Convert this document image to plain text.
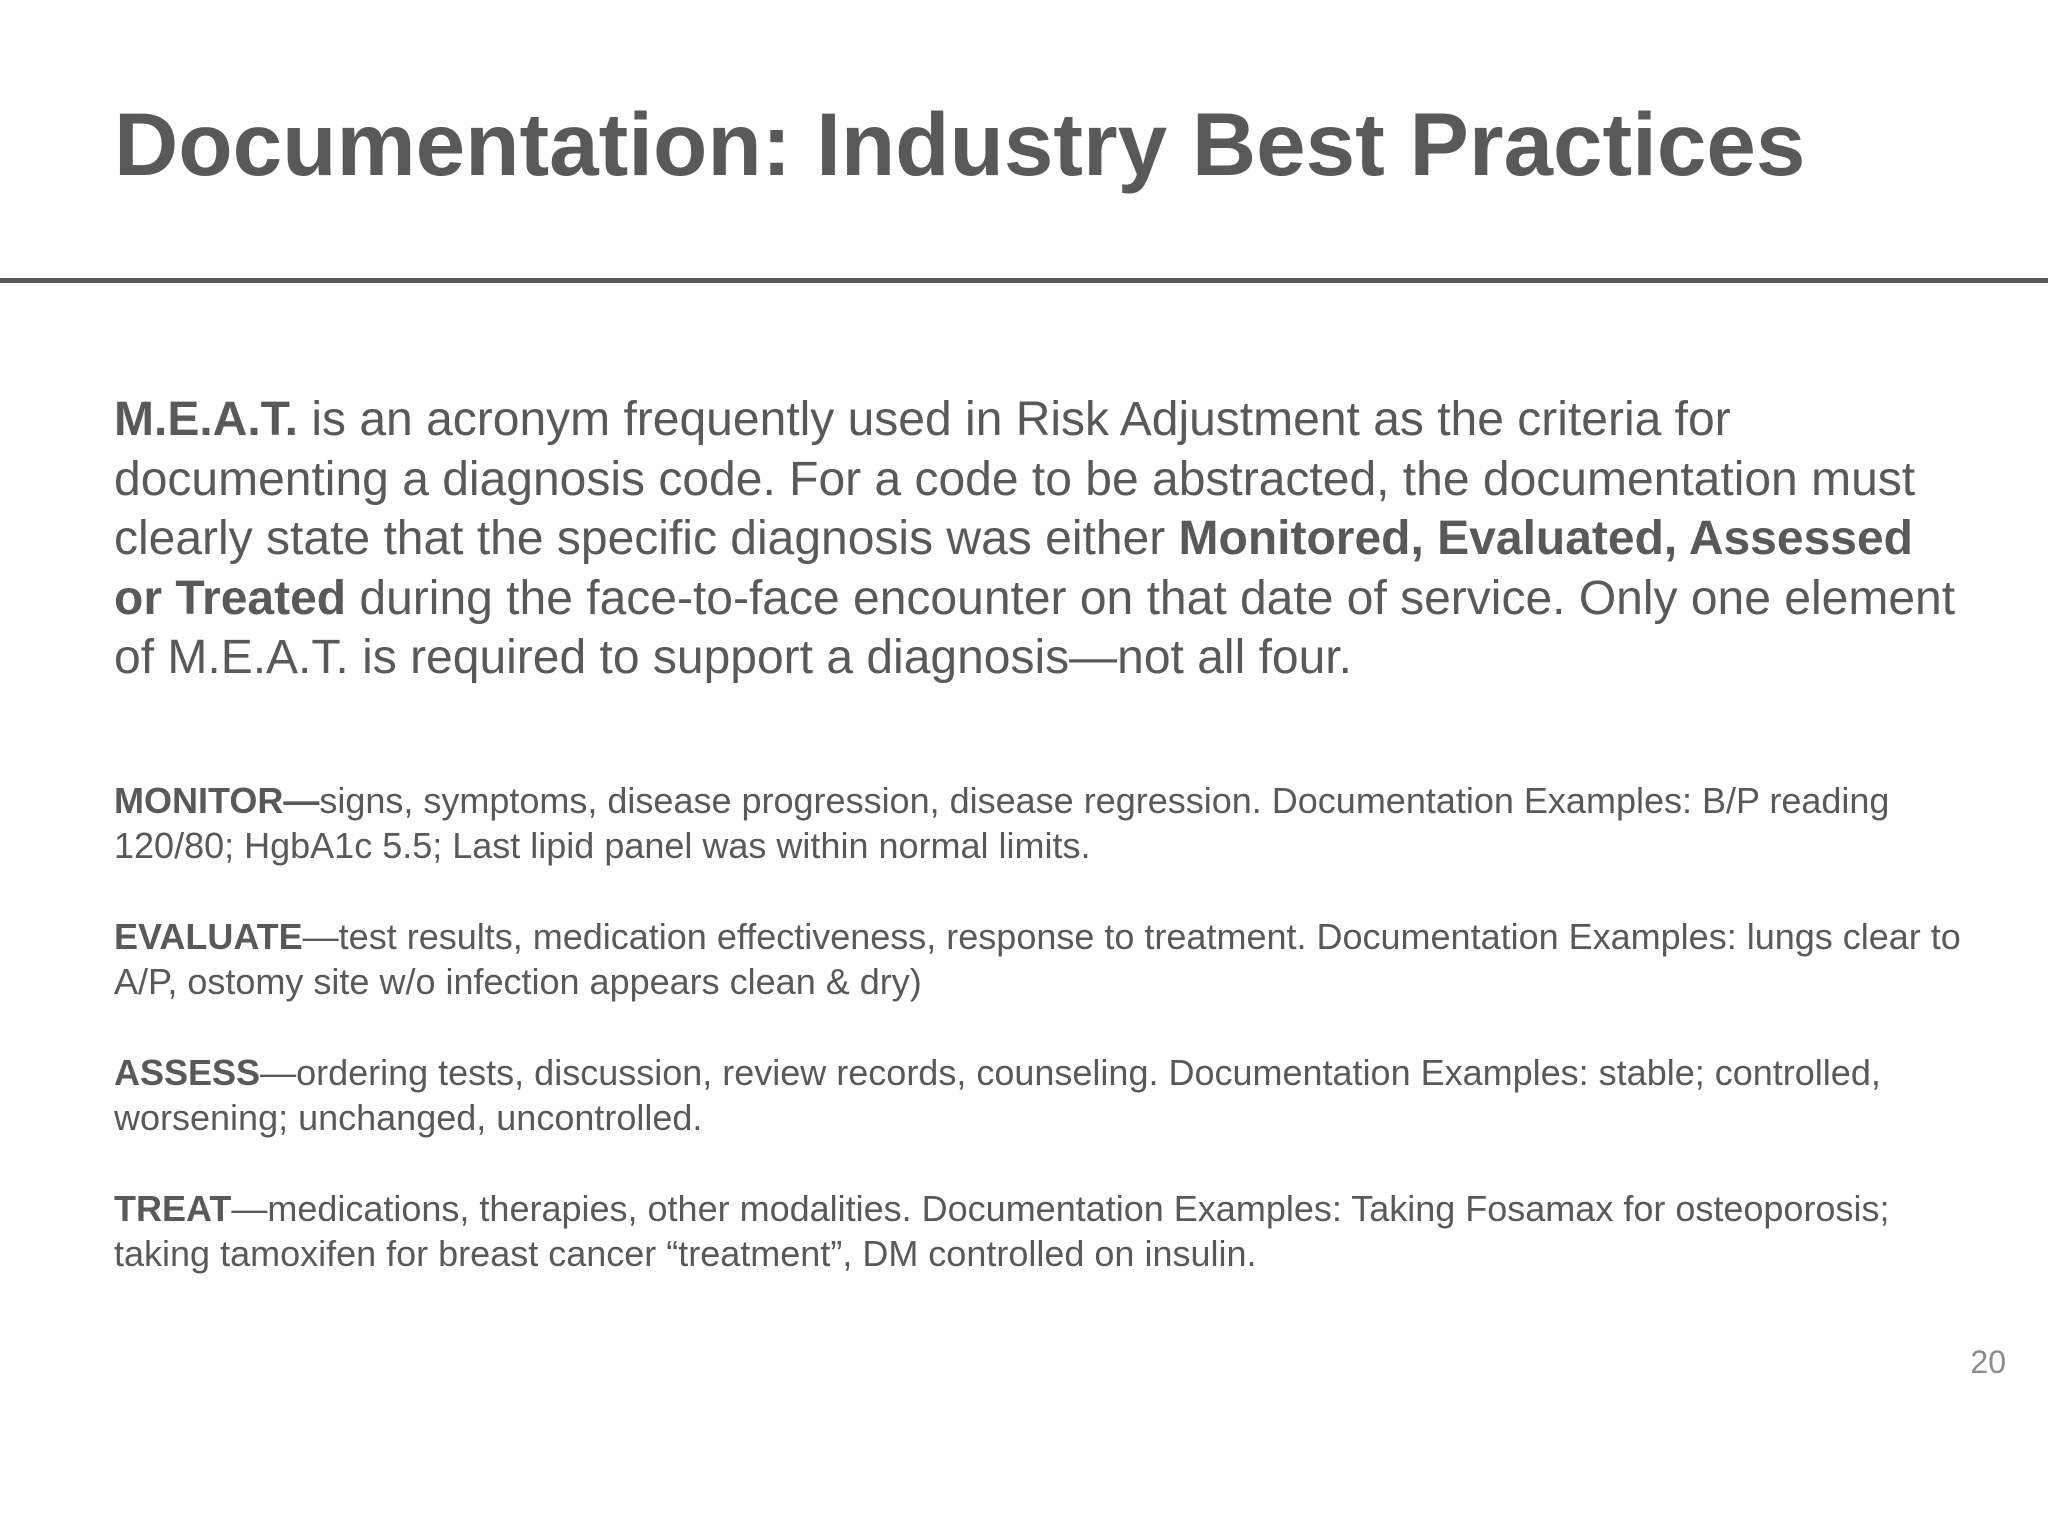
Documentation: Industry Best Practices

M.E.A.T. is an acronym frequently used in Risk Adjustment as the criteria for documenting a diagnosis code. For a code to be abstracted, the documentation must clearly state that the specific diagnosis was either Monitored, Evaluated, Assessed or Treated during the face-to-face encounter on that date of service. Only one element of M.E.A.T. is required to support a diagnosis—not all four.

MONITOR—signs, symptoms, disease progression, disease regression. Documentation Examples: B/P reading 120/80; HgbA1c 5.5; Last lipid panel was within normal limits.

EVALUATE—test results, medication effectiveness, response to treatment. Documentation Examples: lungs clear to A/P, ostomy site w/o infection appears clean & dry)

ASSESS—ordering tests, discussion, review records, counseling. Documentation Examples: stable; controlled, worsening; unchanged, uncontrolled.

TREAT—medications, therapies, other modalities. Documentation Examples: Taking Fosamax for osteoporosis; taking tamoxifen for breast cancer “treatment”, DM controlled on insulin.

20
